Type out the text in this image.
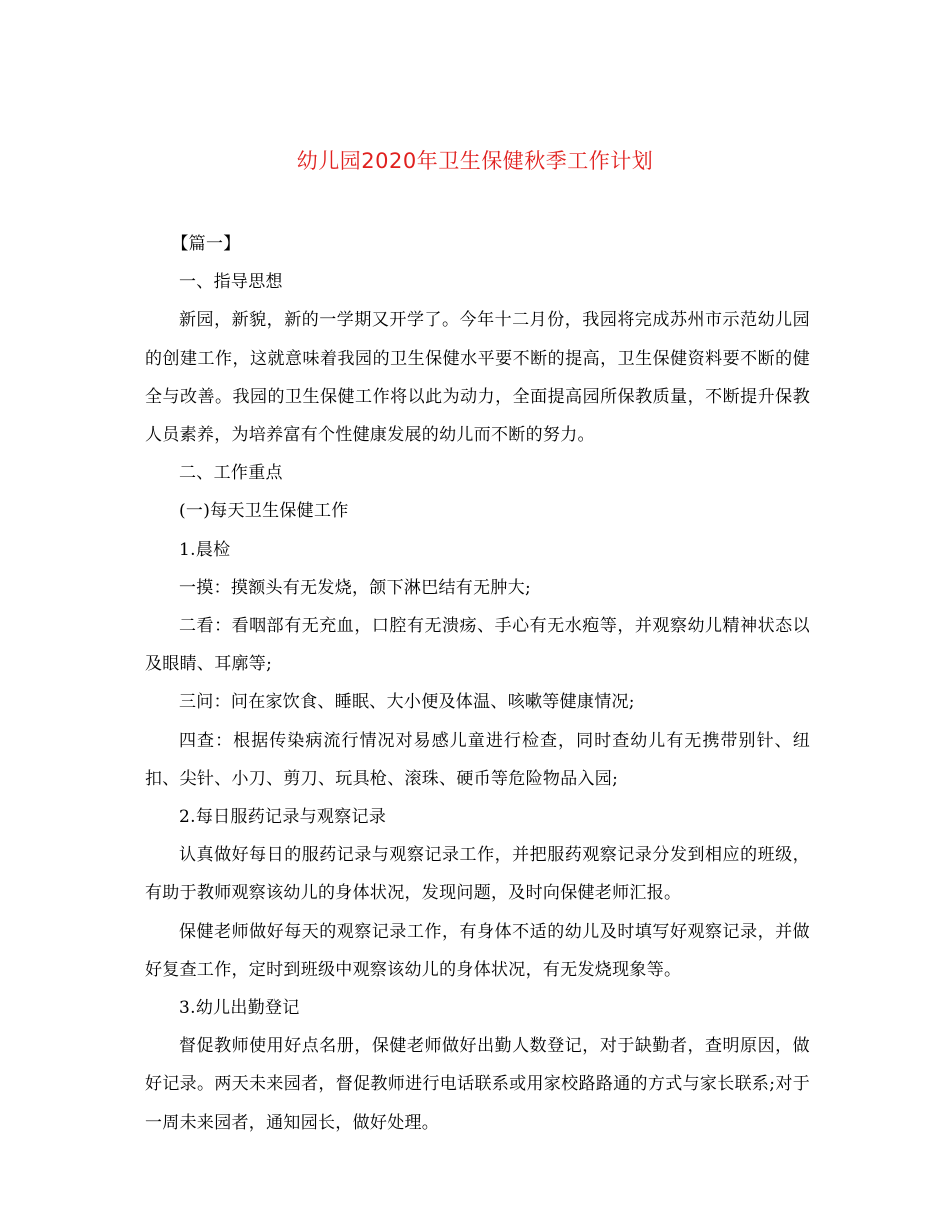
幼儿园2020年卫生保健秋季工作计划

【篇一】

一、指导思想

新园，新貌，新的一学期又开学了。今年十二月份，我园将完成苏州市示范幼儿园的创建工作，这就意味着我园的卫生保健水平要不断的提高，卫生保健资料要不断的健全与改善。我园的卫生保健工作将以此为动力，全面提高园所保教质量，不断提升保教人员素养，为培养富有个性健康发展的幼儿而不断的努力。

二、工作重点

(一)每天卫生保健工作

1.晨检

一摸：摸额头有无发烧，颌下淋巴结有无肿大;

二看：看咽部有无充血，口腔有无溃疡、手心有无水疱等，并观察幼儿精神状态以及眼睛、耳廓等;

三问：问在家饮食、睡眠、大小便及体温、咳嗽等健康情况;

四查：根据传染病流行情况对易感儿童进行检查，同时查幼儿有无携带别针、纽扣、尖针、小刀、剪刀、玩具枪、滚珠、硬币等危险物品入园;

2.每日服药记录与观察记录

认真做好每日的服药记录与观察记录工作，并把服药观察记录分发到相应的班级，有助于教师观察该幼儿的身体状况，发现问题，及时向保健老师汇报。

保健老师做好每天的观察记录工作，有身体不适的幼儿及时填写好观察记录，并做好复查工作，定时到班级中观察该幼儿的身体状况，有无发烧现象等。

3.幼儿出勤登记

督促教师使用好点名册，保健老师做好出勤人数登记，对于缺勤者，查明原因，做好记录。两天未来园者，督促教师进行电话联系或用家校路路通的方式与家长联系;对于一周未来园者，通知园长，做好处理。
